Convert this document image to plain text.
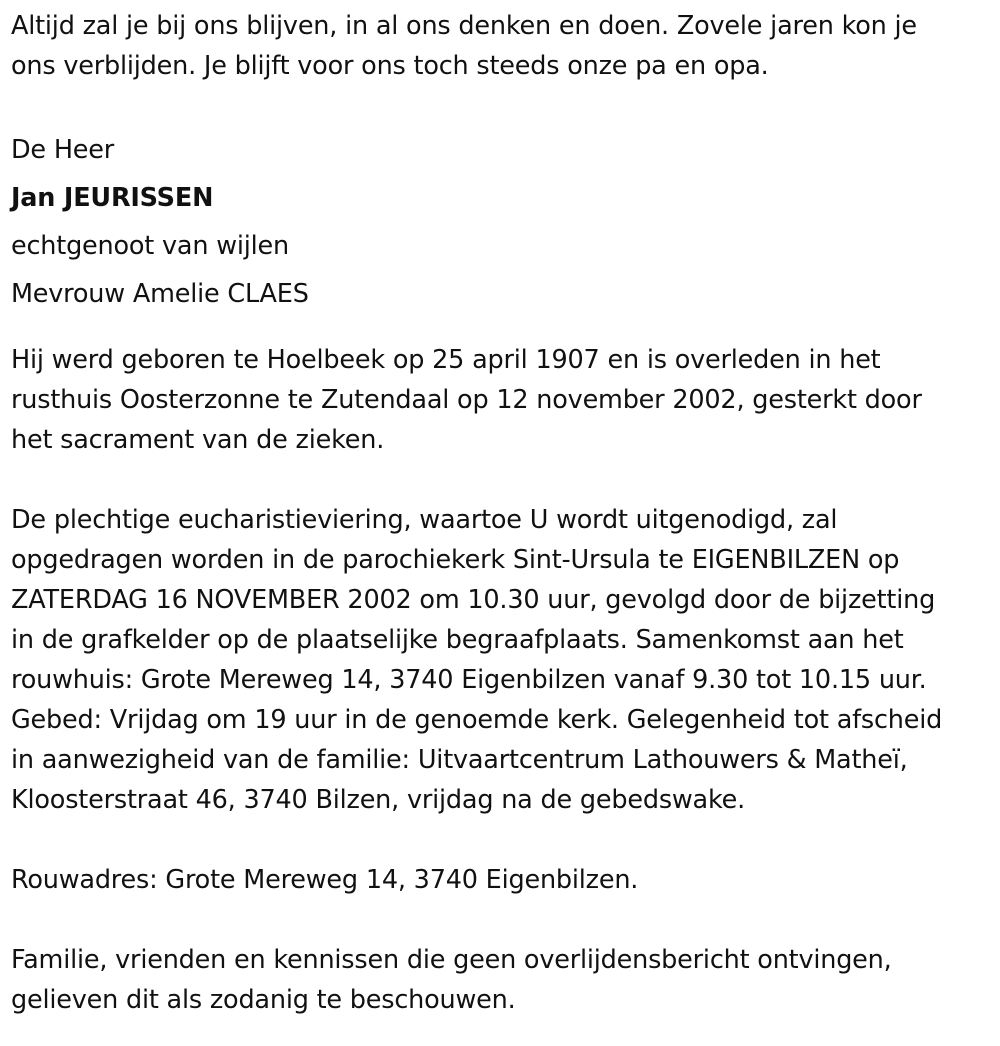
Altijd zal je bij ons blijven, in al ons denken en doen. Zovele jaren kon je
ons verblijden. Je blijft voor ons toch steeds onze pa en opa.

De Heer
Jan JEURISSEN
echtgenoot van wijlen
Mevrouw Amelie CLAES

Hij werd geboren te Hoelbeek op 25 april 1907 en is overleden in het
rusthuis Oosterzonne te Zutendaal op 12 november 2002, gesterkt door
het sacrament van de zieken.

De plechtige eucharistieviering, waartoe U wordt uitgenodigd, zal
opgedragen worden in de parochiekerk Sint-Ursula te EIGENBILZEN op
ZATERDAG 16 NOVEMBER 2002 om 10.30 uur, gevolgd door de bijzetting
in de grafkelder op de plaatselijke begraafplaats. Samenkomst aan het
rouwhuis: Grote Mereweg 14, 3740 Eigenbilzen vanaf 9.30 tot 10.15 uur.
Gebed: Vrijdag om 19 uur in de genoemde kerk. Gelegenheid tot afscheid
in aanwezigheid van de familie: Uitvaartcentrum Lathouwers & Matheï,
Kloosterstraat 46, 3740 Bilzen, vrijdag na de gebedswake.

Rouwadres: Grote Mereweg 14, 3740 Eigenbilzen.

Familie, vrienden en kennissen die geen overlijdensbericht ontvingen,
gelieven dit als zodanig te beschouwen.
